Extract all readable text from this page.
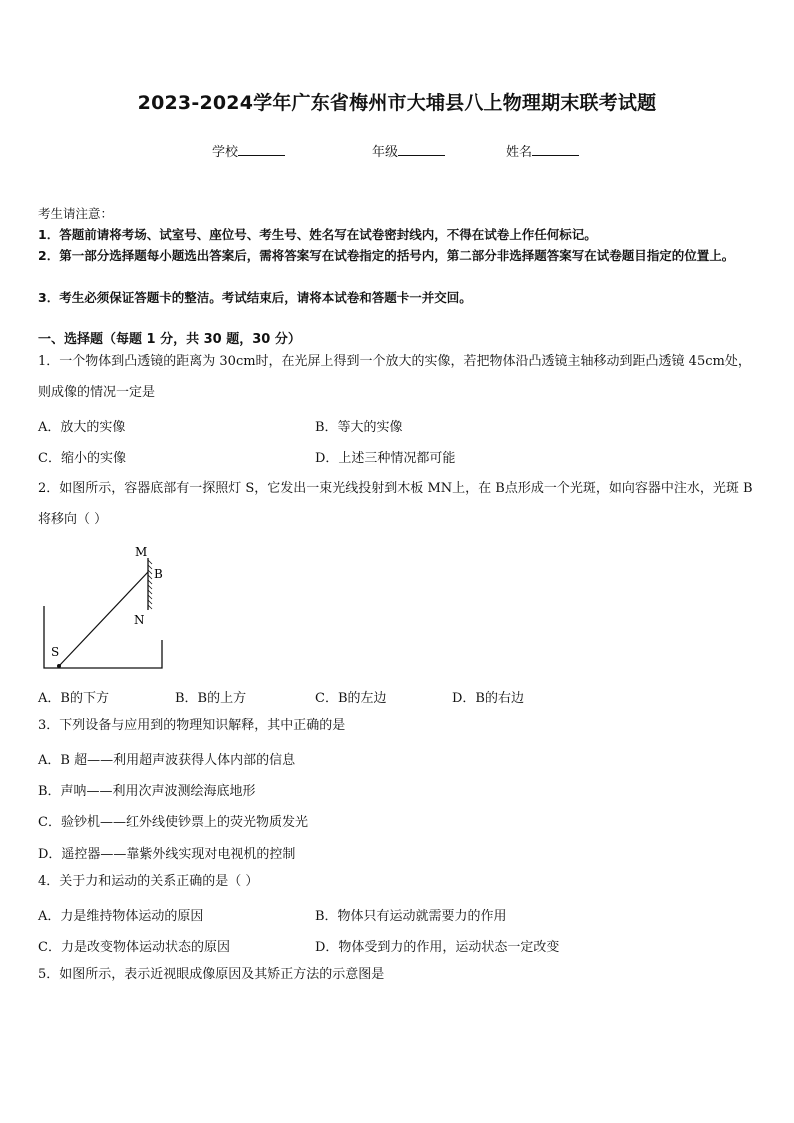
2023-2024学年广东省梅州市大埔县八上物理期末联考试题
学校	年级	姓名
考生请注意：
1．答题前请将考场、试室号、座位号、考生号、姓名写在试卷密封线内，不得在试卷上作任何标记。
2．第一部分选择题每小题选出答案后，需将答案写在试卷指定的括号内，第二部分非选择题答案写在试卷题目指定的位置上。
3．考生必须保证答题卡的整洁。考试结束后，请将本试卷和答题卡一并交回。
一、选择题（每题 1 分，共 30 题，30 分）
1．一个物体到凸透镜的距离为 30cm时，在光屏上得到一个放大的实像，若把物体沿凸透镜主轴移动到距凸透镜 45cm处，则成像的情况一定是
A．放大的实像	B．等大的实像
C．缩小的实像	D．上述三种情况都可能
2．如图所示，容器底部有一探照灯 S，它发出一束光线投射到木板 MN上，在 B点形成一个光斑，如向容器中注水，光斑 B将移向（ ）
M
B
N
S
A．B的下方	B．B的上方	C．B的左边	D．B的右边
3．下列设备与应用到的物理知识解释，其中正确的是
A．B 超——利用超声波获得人体内部的信息
B．声呐——利用次声波测绘海底地形
C．验钞机——红外线使钞票上的荧光物质发光
D．遥控器——靠紫外线实现对电视机的控制
4．关于力和运动的关系正确的是（ ）
A．力是维持物体运动的原因	B．物体只有运动就需要力的作用
C．力是改变物体运动状态的原因	D．物体受到力的作用，运动状态一定改变
5．如图所示，表示近视眼成像原因及其矫正方法的示意图是
